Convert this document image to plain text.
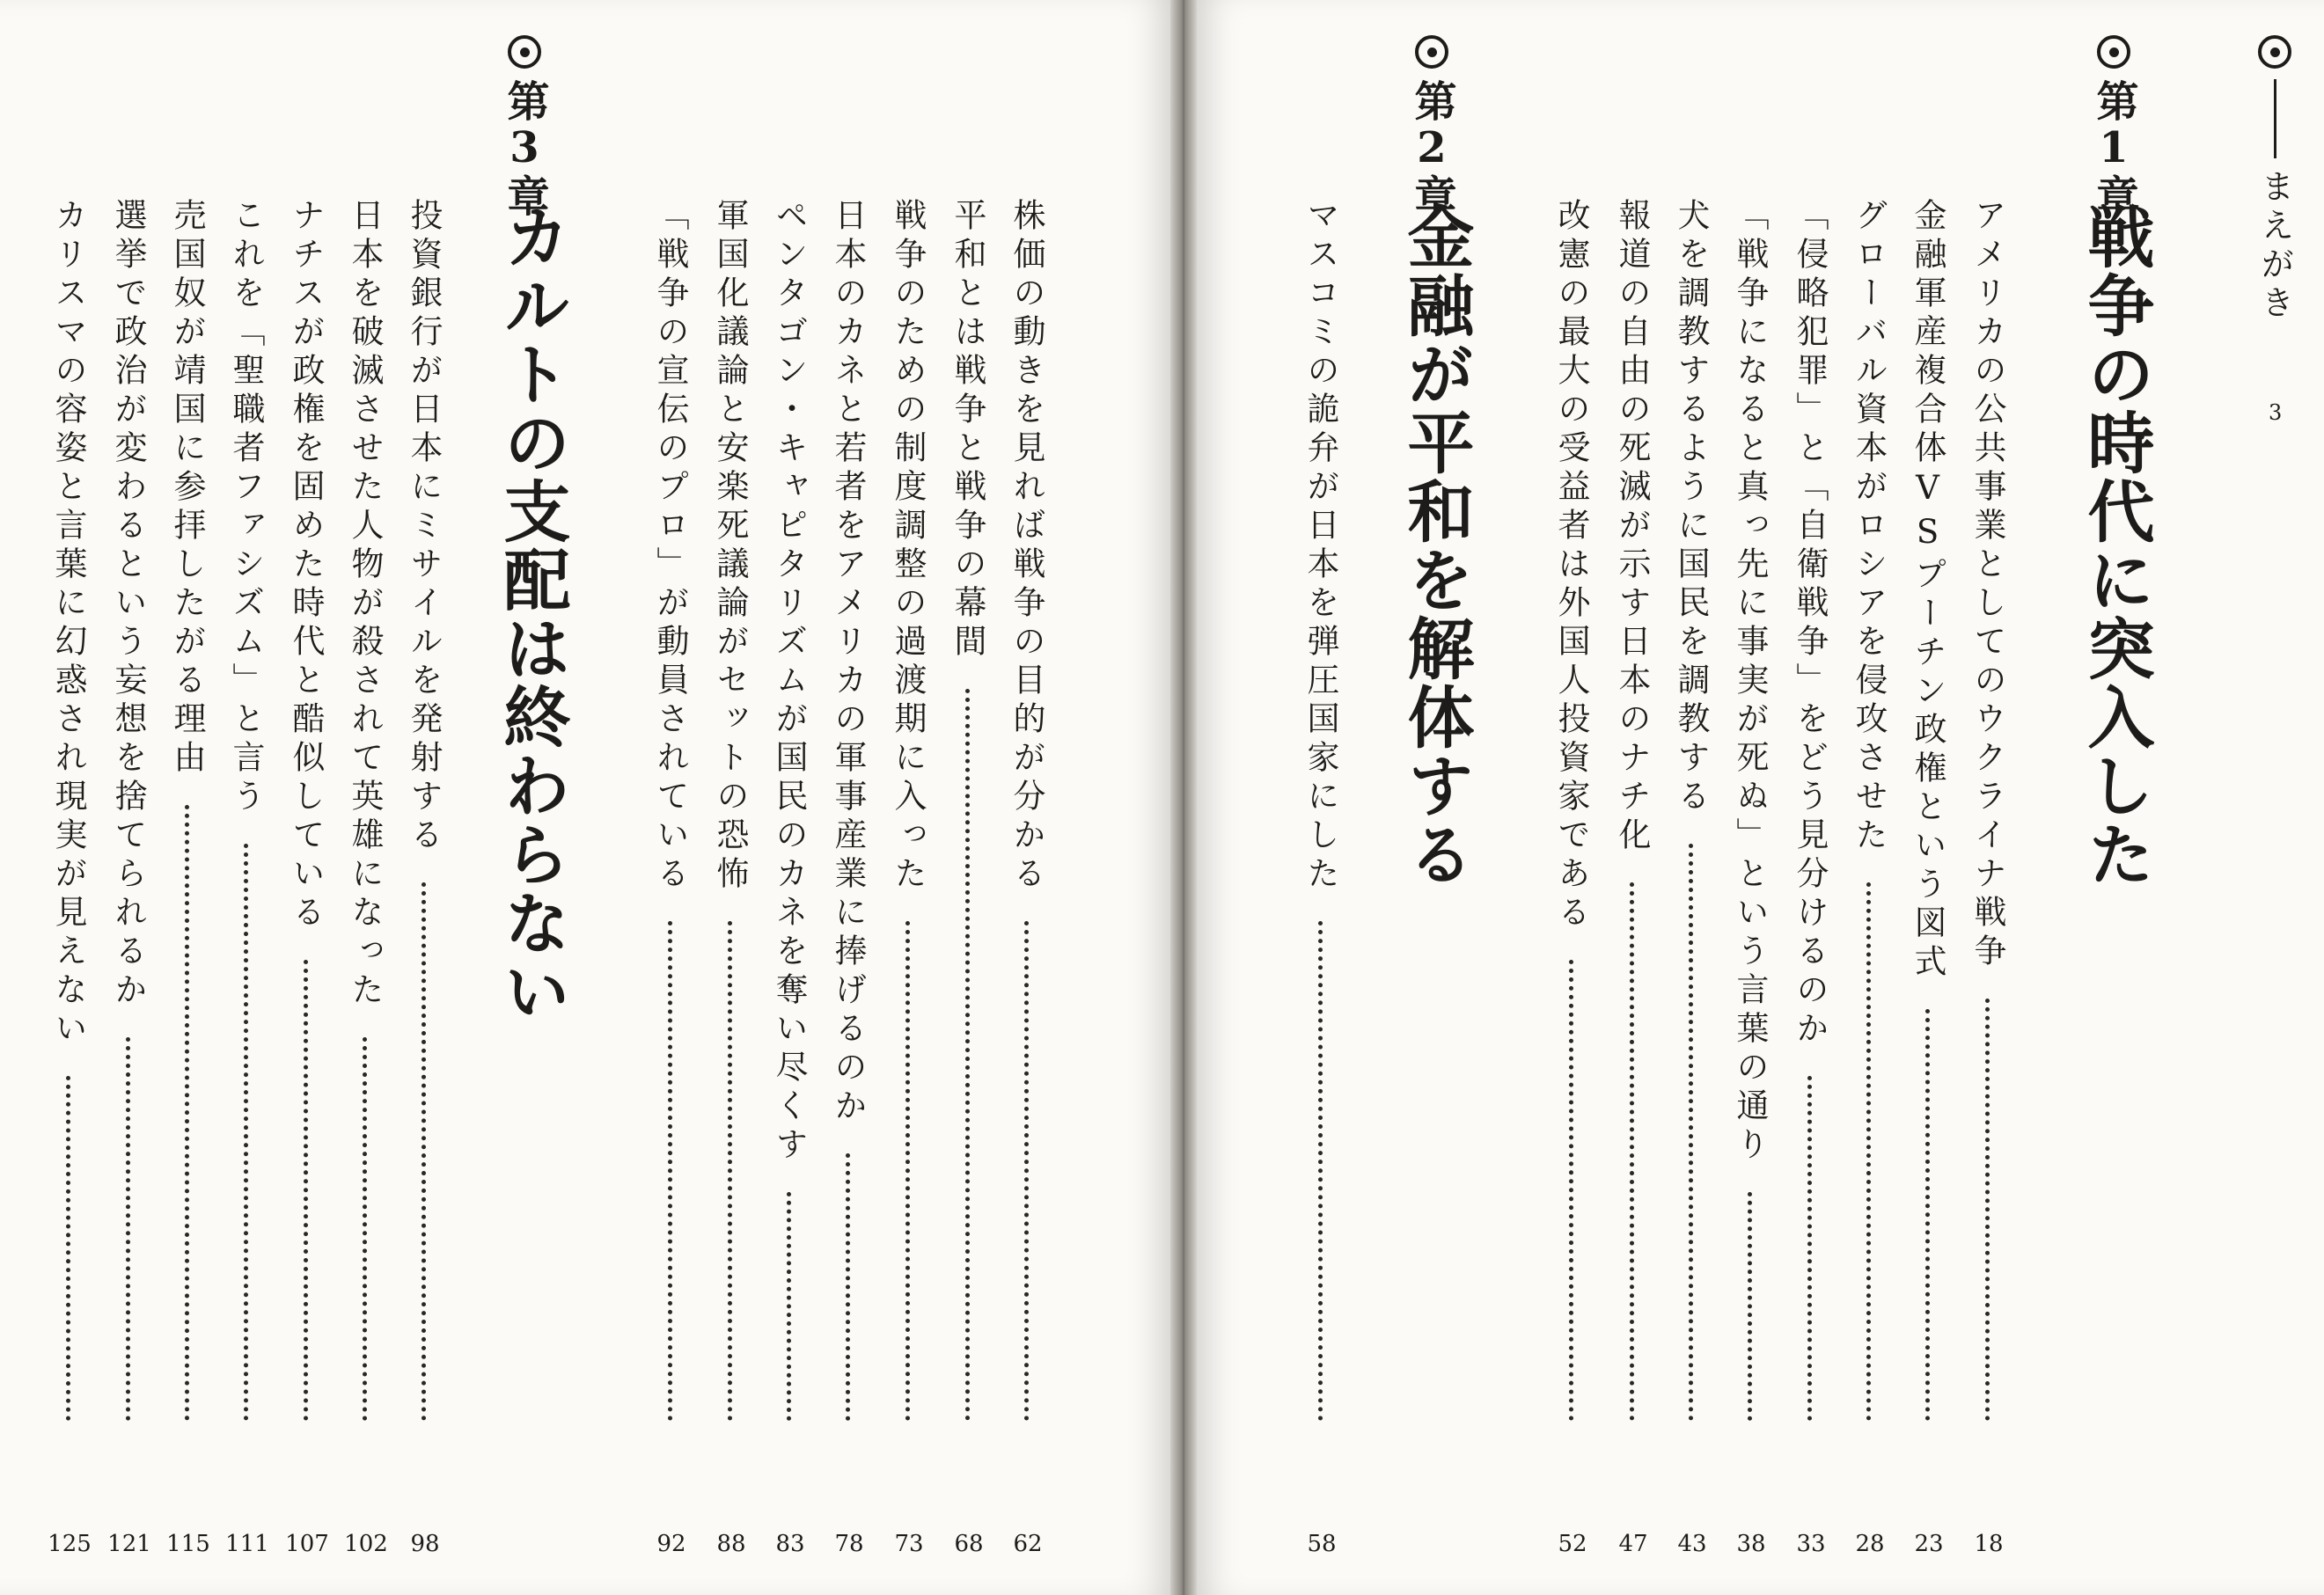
まえがき
3
第1章
戦争の時代に突入した
第2章
金融が平和を解体する
第3章
カルトの支配は終わらない	アメリカの公共事業としてのウクライナ戦争
18
金融軍産複合体VSプーチン政権という図式
23
グローバル資本がロシアを侵攻させた
28
「侵略犯罪」と「自衛戦争」をどう見分けるのか
33
「戦争になると真っ先に事実が死ぬ」という言葉の通り
38
犬を調教するように国民を調教する
43
報道の自由の死滅が示す日本のナチ化
47
改憲の最大の受益者は外国人投資家である
52
マスコミの詭弁が日本を弾圧国家にした
58
株価の動きを見れば戦争の目的が分かる
62
平和とは戦争と戦争の幕間
68
戦争のための制度調整の過渡期に入った
73
日本のカネと若者をアメリカの軍事産業に捧げるのか
78
ペンタゴン・キャピタリズムが国民のカネを奪い尽くす
83
軍国化議論と安楽死議論がセットの恐怖
88
「戦争の宣伝のプロ」が動員されている
92
投資銀行が日本にミサイルを発射する
98
日本を破滅させた人物が殺されて英雄になった
102
ナチスが政権を固めた時代と酷似している
107
これを「聖職者ファシズム」と言う
111
売国奴が靖国に参拝したがる理由
115
選挙で政治が変わるという妄想を捨てられるか
121
カリスマの容姿と言葉に幻惑され現実が見えない
125
